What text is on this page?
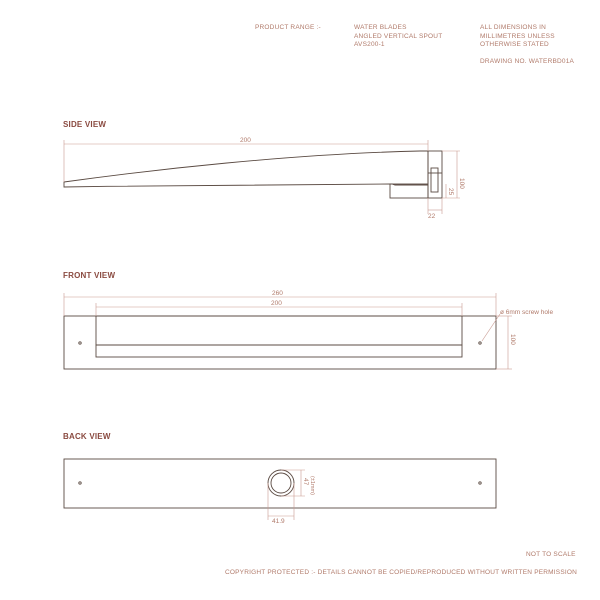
PRODUCT RANGE :-	WATER BLADES
ANGLED VERTICAL SPOUT
AVS200-1
ALL DIMENSIONS IN
MILLIMETRES UNLESS
OTHERWISE STATED
DRAWING NO. WATERBD01A
SIDE VIEW
FRONT VIEW
BACK VIEW
200
100
25
22
260
200
100
ø 6mm screw hole
47 (±1mm)
41.9
NOT TO SCALE
COPYRIGHT PROTECTED :- DETAILS CANNOT BE COPIED/REPRODUCED WITHOUT WRITTEN PERMISSION
